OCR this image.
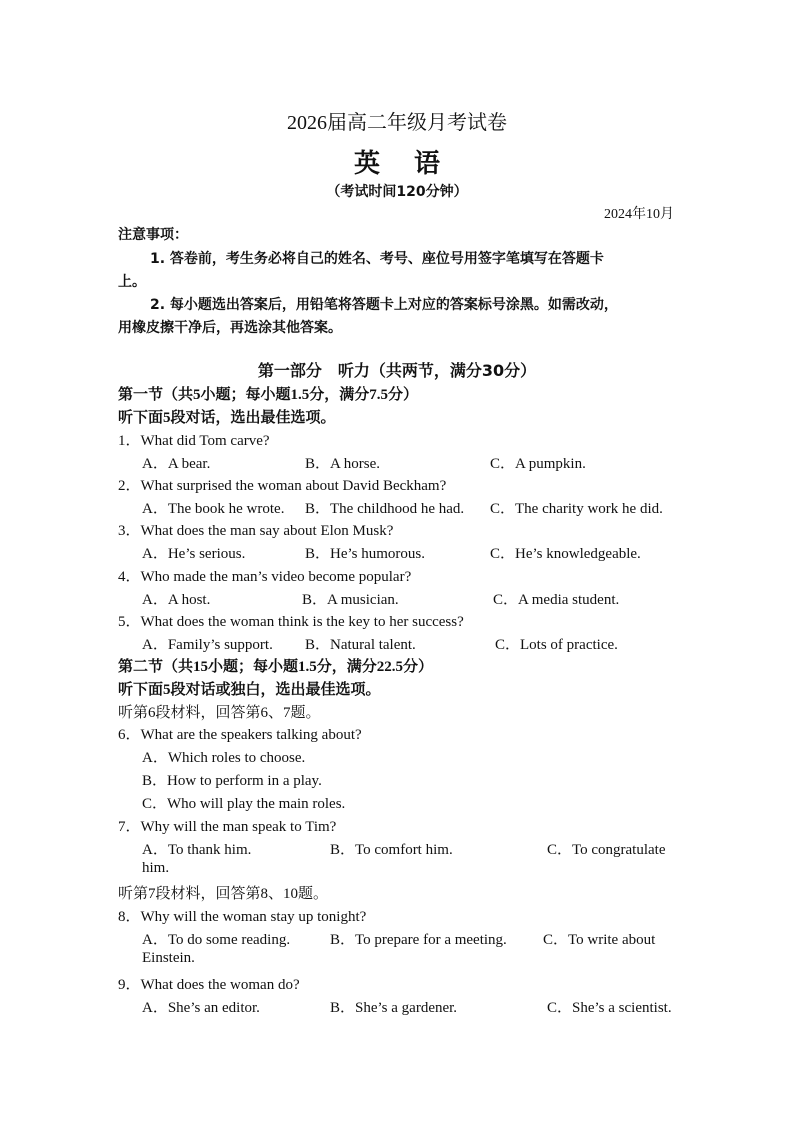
2026届高二年级月考试卷
英 语
（考试时间120分钟）
2024年10月
注意事项：
1. 答卷前，考生务必将自己的姓名、考号、座位号用签字笔填写在答题卡
上。
2. 每小题选出答案后，用铅笔将答题卡上对应的答案标号涂黑。如需改动，
用橡皮擦干净后，再选涂其他答案。
第一部分　听力（共两节，满分30分）
第一节（共5小题；每小题1.5分，满分7.5分）
听下面5段对话，选出最佳选项。
1．What did Tom carve?
A．A bear.	B．A horse.	C．A pumpkin.
2．What surprised the woman about David Beckham?
A．The book he wrote. B．The childhood he had. C．The charity work he did.
3．What does the man say about Elon Musk?
A．He’s serious.	B．He’s humorous.	C．He’s knowledgeable.
4．Who made the man’s video become popular?
A．A host.	B．A musician.	C．A media student.
5．What does the woman think is the key to her success?
A．Family’s support. B．Natural talent.	C．Lots of practice.
第二节（共15小题；每小题1.5分，满分22.5分）
听下面5段对话或独白，选出最佳选项。
听第6段材料，回答第6、7题。
6．What are the speakers talking about?
A．Which roles to choose.
B．How to perform in a play.
C．Who will play the main roles.
7．Why will the man speak to Tim?
A．To thank him.	B．To comfort him.	C．To congratulate
him.
听第7段材料，回答第8、10题。
8．Why will the woman stay up tonight?
A．To do some reading.	B．To prepare for a meeting. C．To write about
Einstein.
9．What does the woman do?
A．She’s an editor.	B．She’s a gardener.	C．She’s a scientist.
